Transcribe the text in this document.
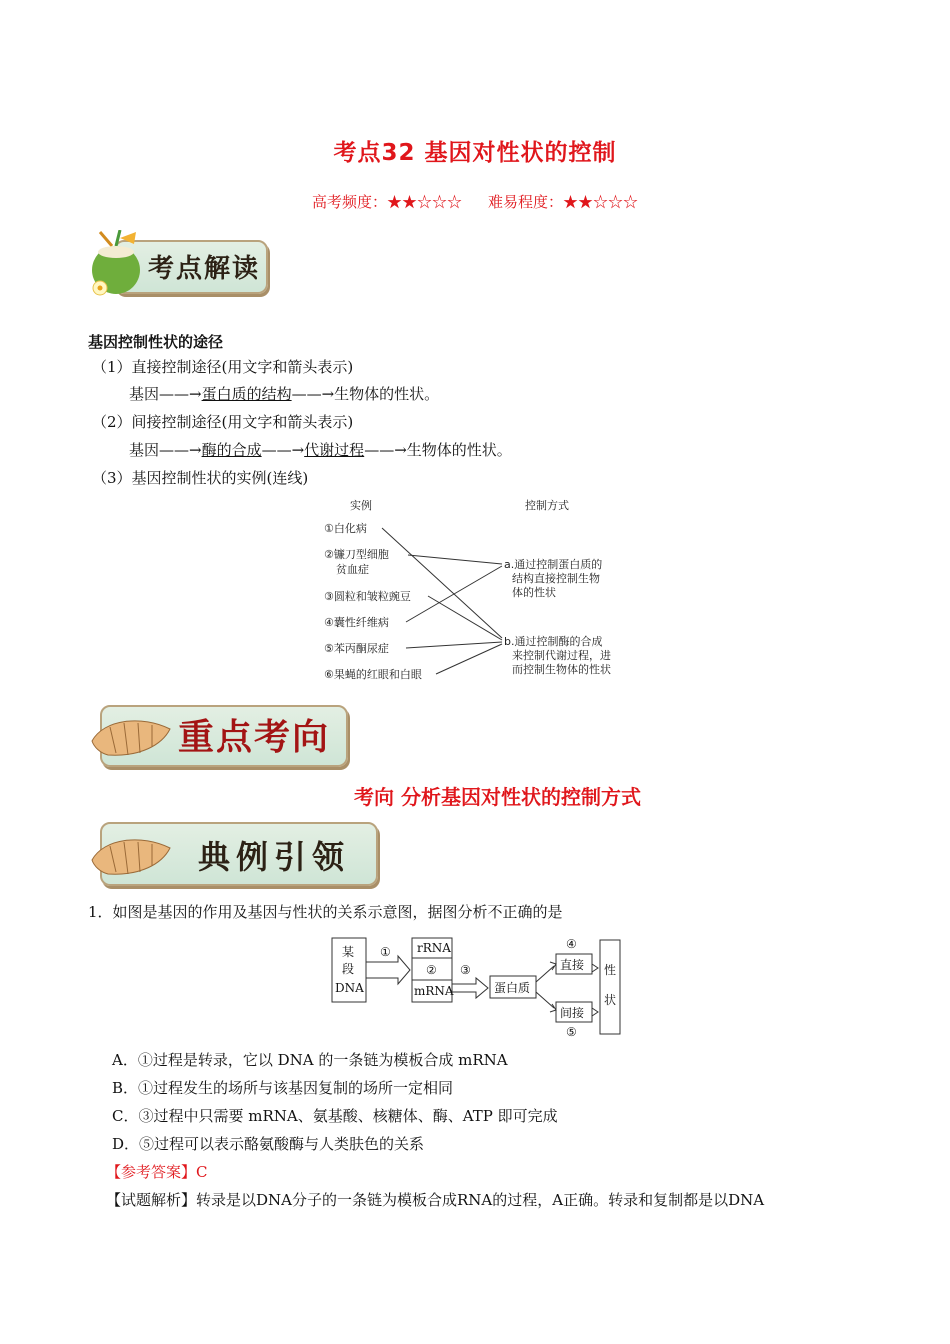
考点32 基因对性状的控制
高考频度：★★☆☆☆ 难易程度：★★☆☆☆
考点解读
基因控制性状的途径
（1）直接控制途径(用文字和箭头表示)
基因——→蛋白质的结构——→生物体的性状。
（2）间接控制途径(用文字和箭头表示)
基因——→酶的合成——→代谢过程——→生物体的性状。
（3）基因控制性状的实例(连线)
实例	控制方式
①白化病
②镰刀型细胞
贫血症
③圆粒和皱粒豌豆
④囊性纤维病
⑤苯丙酮尿症
⑥果蝇的红眼和白眼
a.通过控制蛋白质的
结构直接控制生物
体的性状
b.通过控制酶的合成
来控制代谢过程，进
而控制生物体的性状
重点考向
考向 分析基因对性状的控制方式
典例引领
1．如图是基因的作用及基因与性状的关系示意图，据图分析不正确的是
某
段
DNA
① rRNA
②
mRNA
③
蛋白质
④
直接
间接
⑤
性
状
A．①过程是转录，它以 DNA 的一条链为模板合成 mRNA
B．①过程发生的场所与该基因复制的场所一定相同
C．③过程中只需要 mRNA、氨基酸、核糖体、酶、ATP 即可完成
D．⑤过程可以表示酪氨酸酶与人类肤色的关系
【参考答案】C
【试题解析】转录是以DNA分子的一条链为模板合成RNA的过程，A正确。转录和复制都是以DNA
